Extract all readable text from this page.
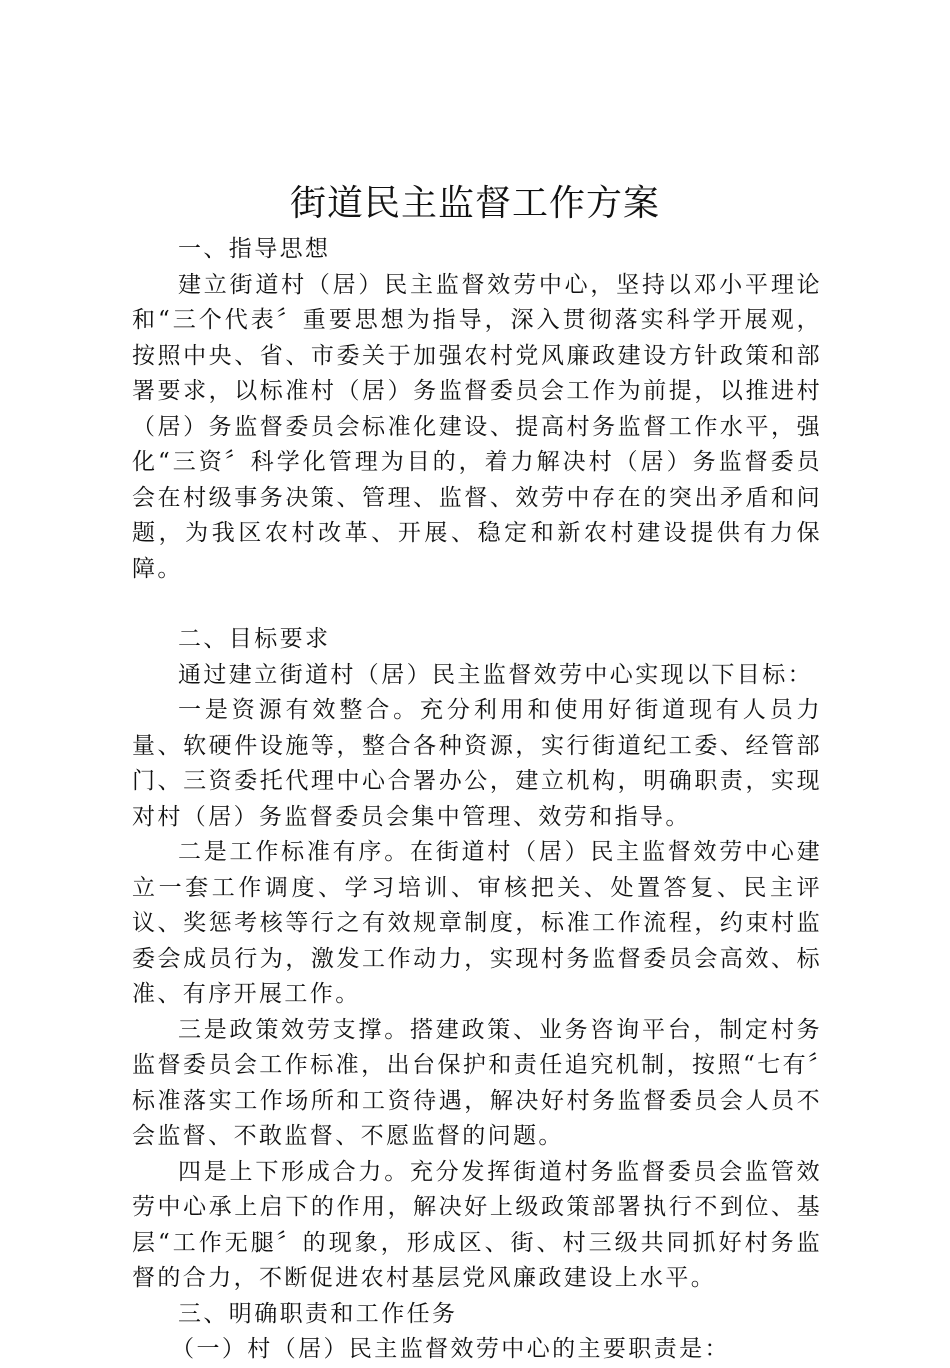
街道民主监督工作方案

一、指导思想

建立街道村（居）民主监督效劳中心，坚持以邓小平理论和“三个代表〞重要思想为指导，深入贯彻落实科学开展观，按照中央、省、市委关于加强农村党风廉政建设方针政策和部署要求，以标准村（居）务监督委员会工作为前提，以推进村（居）务监督委员会标准化建设、提高村务监督工作水平，强化“三资〞科学化管理为目的，着力解决村（居）务监督委员会在村级事务决策、管理、监督、效劳中存在的突出矛盾和问题，为我区农村改革、开展、稳定和新农村建设提供有力保障。

二、目标要求

通过建立街道村（居）民主监督效劳中心实现以下目标：

一是资源有效整合。充分利用和使用好街道现有人员力量、软硬件设施等，整合各种资源，实行街道纪工委、经管部门、三资委托代理中心合署办公，建立机构，明确职责，实现对村（居）务监督委员会集中管理、效劳和指导。

二是工作标准有序。在街道村（居）民主监督效劳中心建立一套工作调度、学习培训、审核把关、处置答复、民主评议、奖惩考核等行之有效规章制度，标准工作流程，约束村监委会成员行为，激发工作动力，实现村务监督委员会高效、标准、有序开展工作。

三是政策效劳支撑。搭建政策、业务咨询平台，制定村务监督委员会工作标准，出台保护和责任追究机制，按照“七有〞标准落实工作场所和工资待遇，解决好村务监督委员会人员不会监督、不敢监督、不愿监督的问题。

四是上下形成合力。充分发挥街道村务监督委员会监管效劳中心承上启下的作用，解决好上级政策部署执行不到位、基层“工作无腿〞的现象，形成区、街、村三级共同抓好村务监督的合力，不断促进农村基层党风廉政建设上水平。

三、明确职责和工作任务

（一）村（居）民主监督效劳中心的主要职责是：
